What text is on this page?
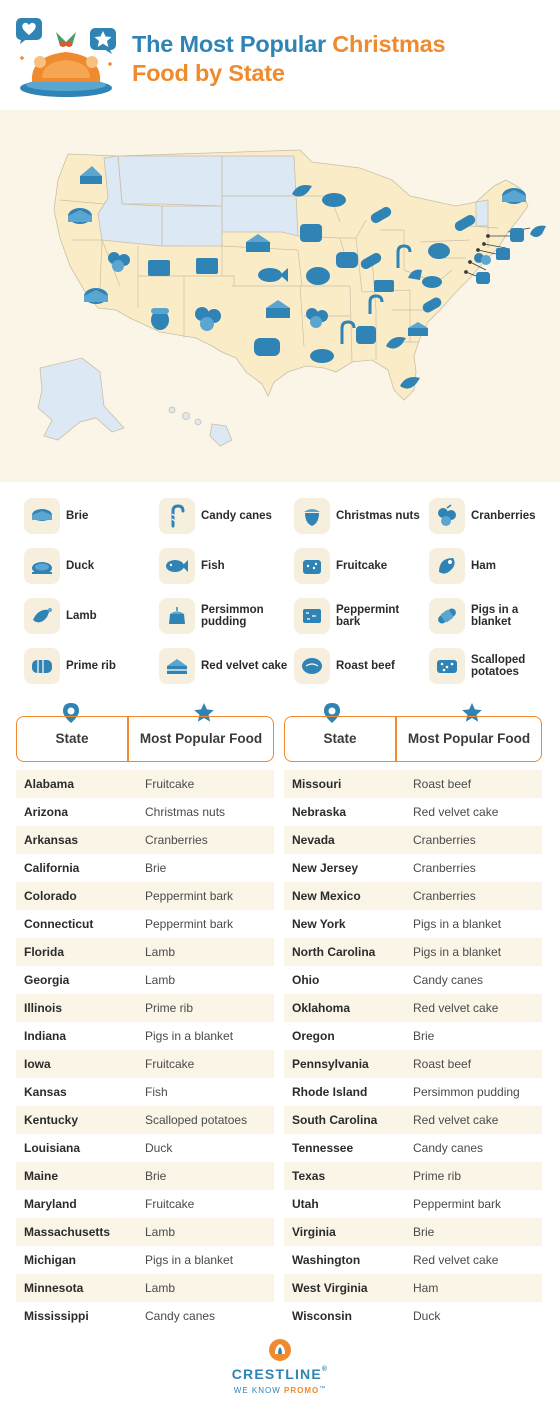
The Most Popular Christmas
Food by State
Brie	Candy canes	Christmas nuts	Cranberries
Duck	Fish	Fruitcake	Ham
Lamb	Persimmon pudding
Peppermint bark
Pigs in a blanket
Prime rib	Red velvet cake	Roast beef	Scalloped potatoes
State	Most Popular Food
Alabama	Fruitcake
Arizona	Christmas nuts
Arkansas	Cranberries
California	Brie
Colorado	Peppermint bark
Connecticut	Peppermint bark
Florida	Lamb
Georgia	Lamb
Illinois	Prime rib
Indiana	Pigs in a blanket
Iowa	Fruitcake
Kansas	Fish
Kentucky	Scalloped potatoes
Louisiana	Duck
Maine	Brie
Maryland	Fruitcake
Massachusetts	Lamb
Michigan	Pigs in a blanket
Minnesota	Lamb
Mississippi	Candy canes
State	Most Popular Food
Missouri	Roast beef
Nebraska	Red velvet cake
Nevada	Cranberries
New Jersey	Cranberries
New Mexico	Cranberries
New York	Pigs in a blanket
North Carolina	Pigs in a blanket
Ohio	Candy canes
Oklahoma	Red velvet cake
Oregon	Brie
Pennsylvania	Roast beef
Rhode Island	Persimmon pudding
South Carolina	Red velvet cake
Tennessee	Candy canes
Texas	Prime rib
Utah	Peppermint bark
Virginia	Brie
Washington	Red velvet cake
West Virginia	Ham
Wisconsin	Duck
CRESTLINE®
WE KNOW PROMO™
